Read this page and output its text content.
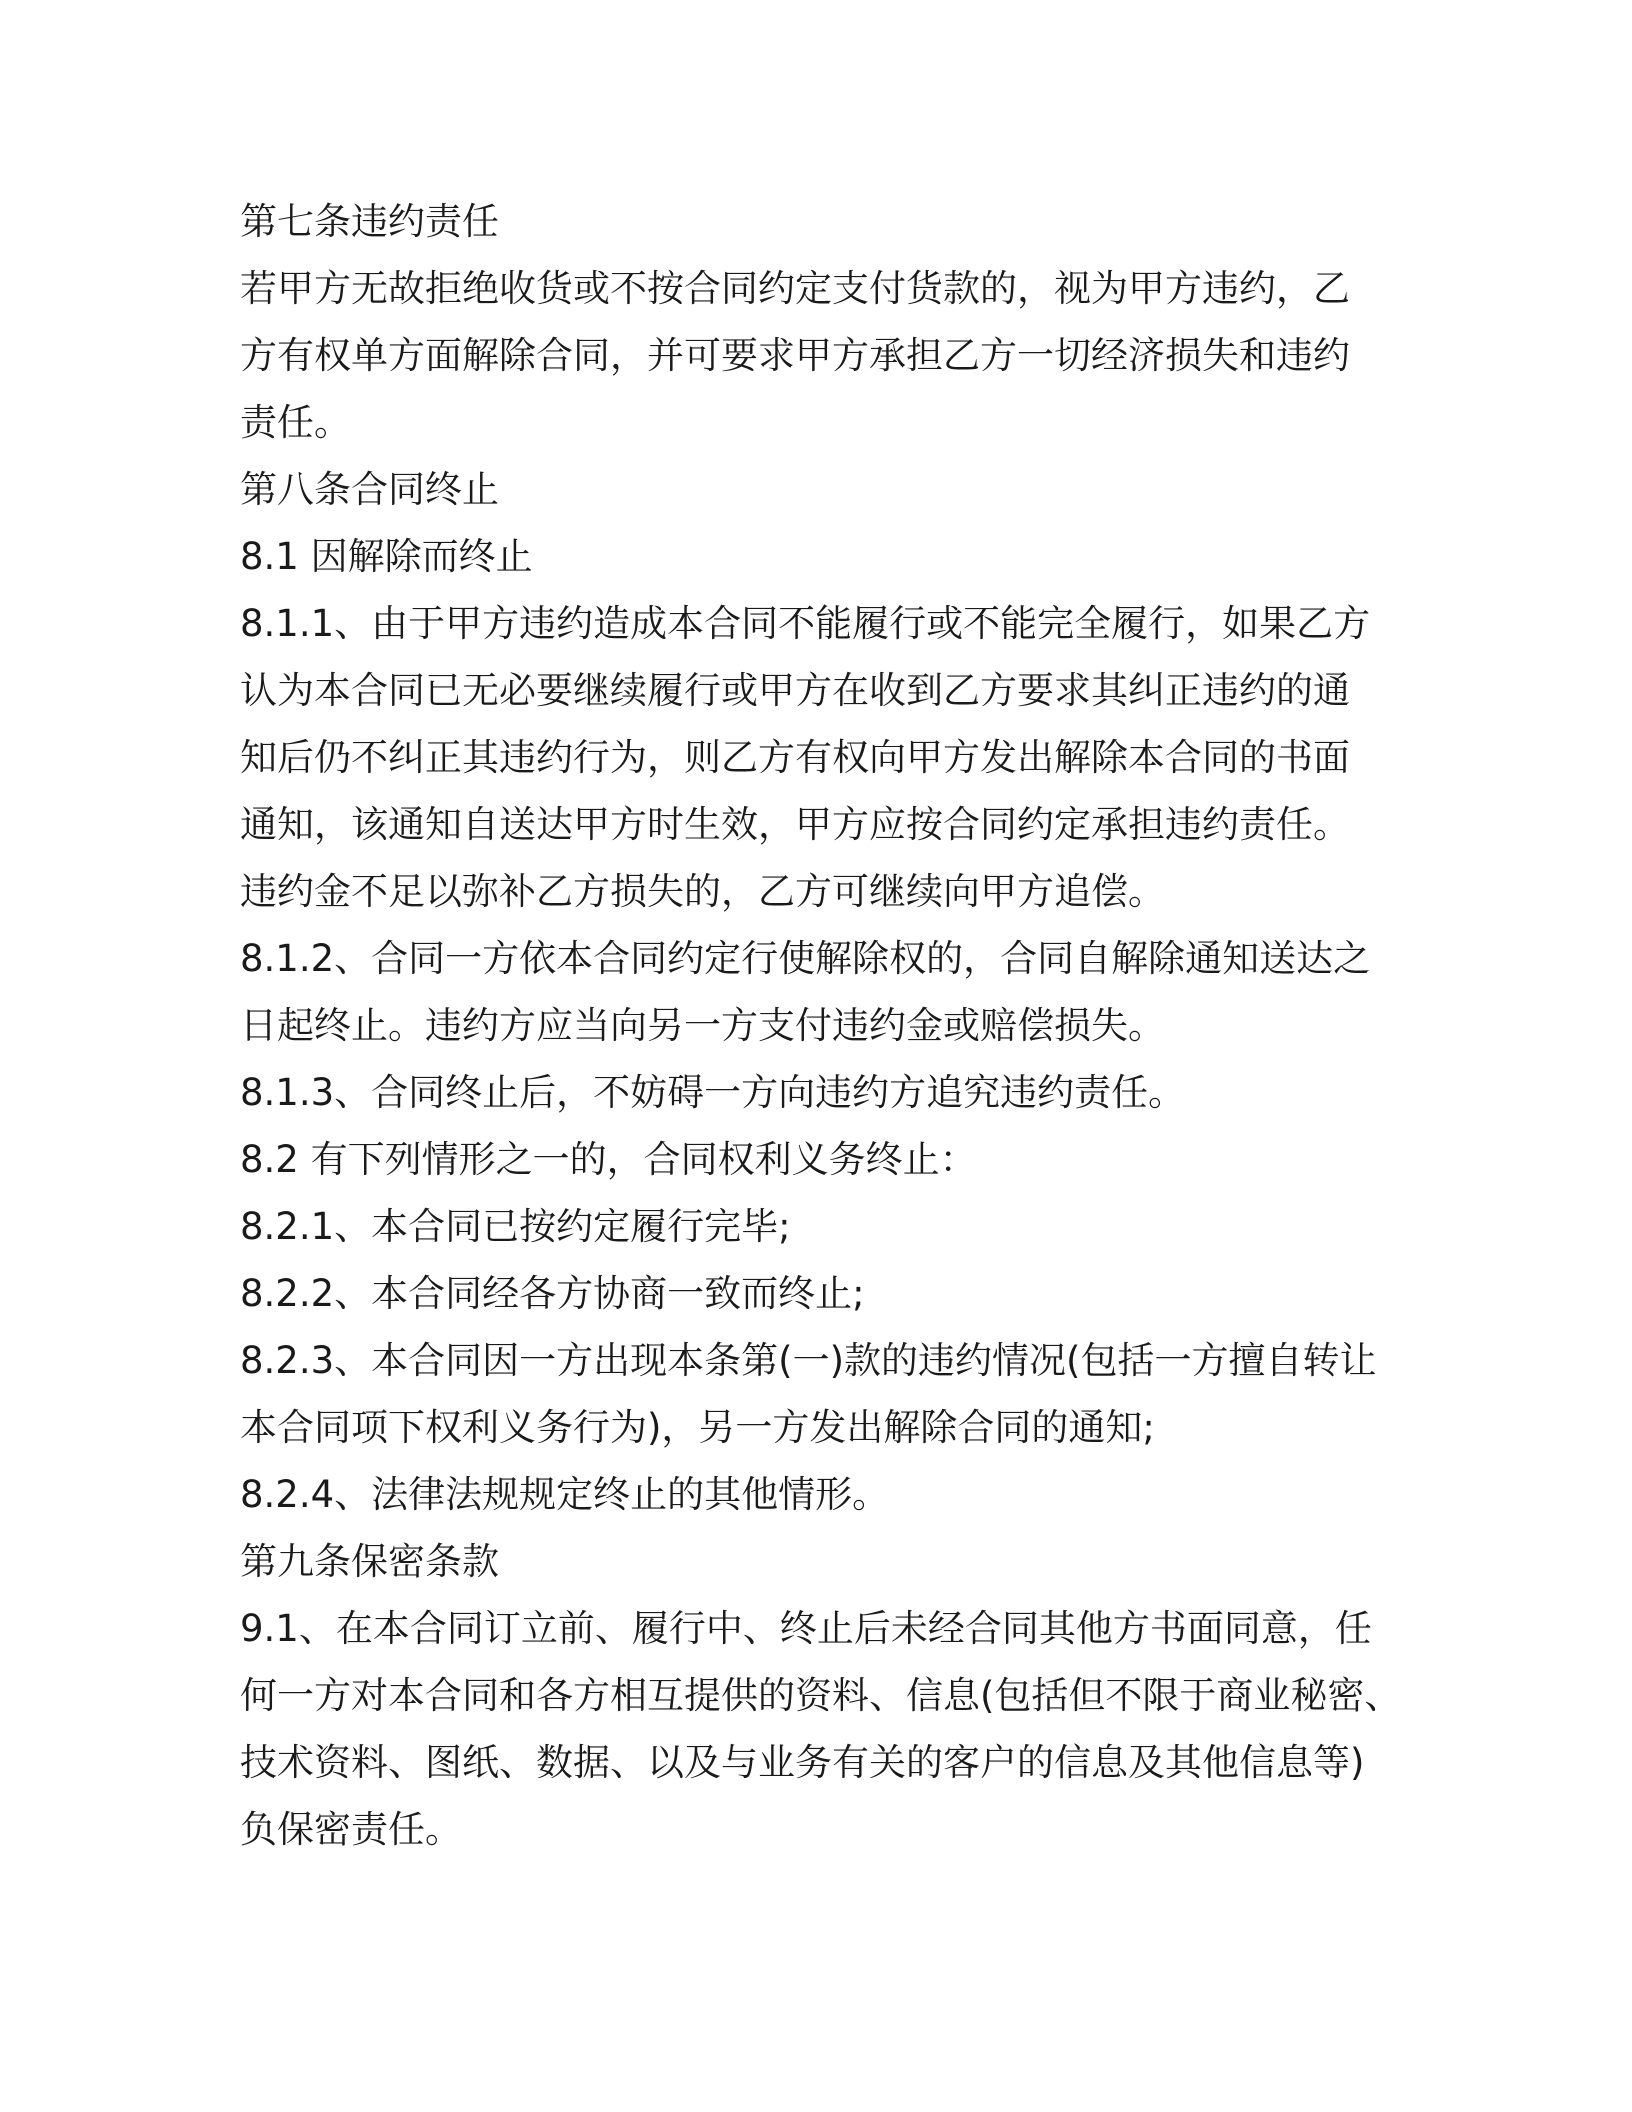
第七条违约责任
若甲方无故拒绝收货或不按合同约定支付货款的，视为甲方违约，乙
方有权单方面解除合同，并可要求甲方承担乙方一切经济损失和违约
责任。
第八条合同终止
8.1 因解除而终止
8.1.1、由于甲方违约造成本合同不能履行或不能完全履行，如果乙方
认为本合同已无必要继续履行或甲方在收到乙方要求其纠正违约的通
知后仍不纠正其违约行为，则乙方有权向甲方发出解除本合同的书面
通知，该通知自送达甲方时生效，甲方应按合同约定承担违约责任。
违约金不足以弥补乙方损失的，乙方可继续向甲方追偿。
8.1.2、合同一方依本合同约定行使解除权的，合同自解除通知送达之
日起终止。违约方应当向另一方支付违约金或赔偿损失。
8.1.3、合同终止后，不妨碍一方向违约方追究违约责任。
8.2 有下列情形之一的，合同权利义务终止：
8.2.1、本合同已按约定履行完毕;
8.2.2、本合同经各方协商一致而终止;
8.2.3、本合同因一方出现本条第(一)款的违约情况(包括一方擅自转让
本合同项下权利义务行为)，另一方发出解除合同的通知;
8.2.4、法律法规规定终止的其他情形。
第九条保密条款
9.1、在本合同订立前、履行中、终止后未经合同其他方书面同意，任
何一方对本合同和各方相互提供的资料、信息(包括但不限于商业秘密、
技术资料、图纸、数据、以及与业务有关的客户的信息及其他信息等)
负保密责任。
